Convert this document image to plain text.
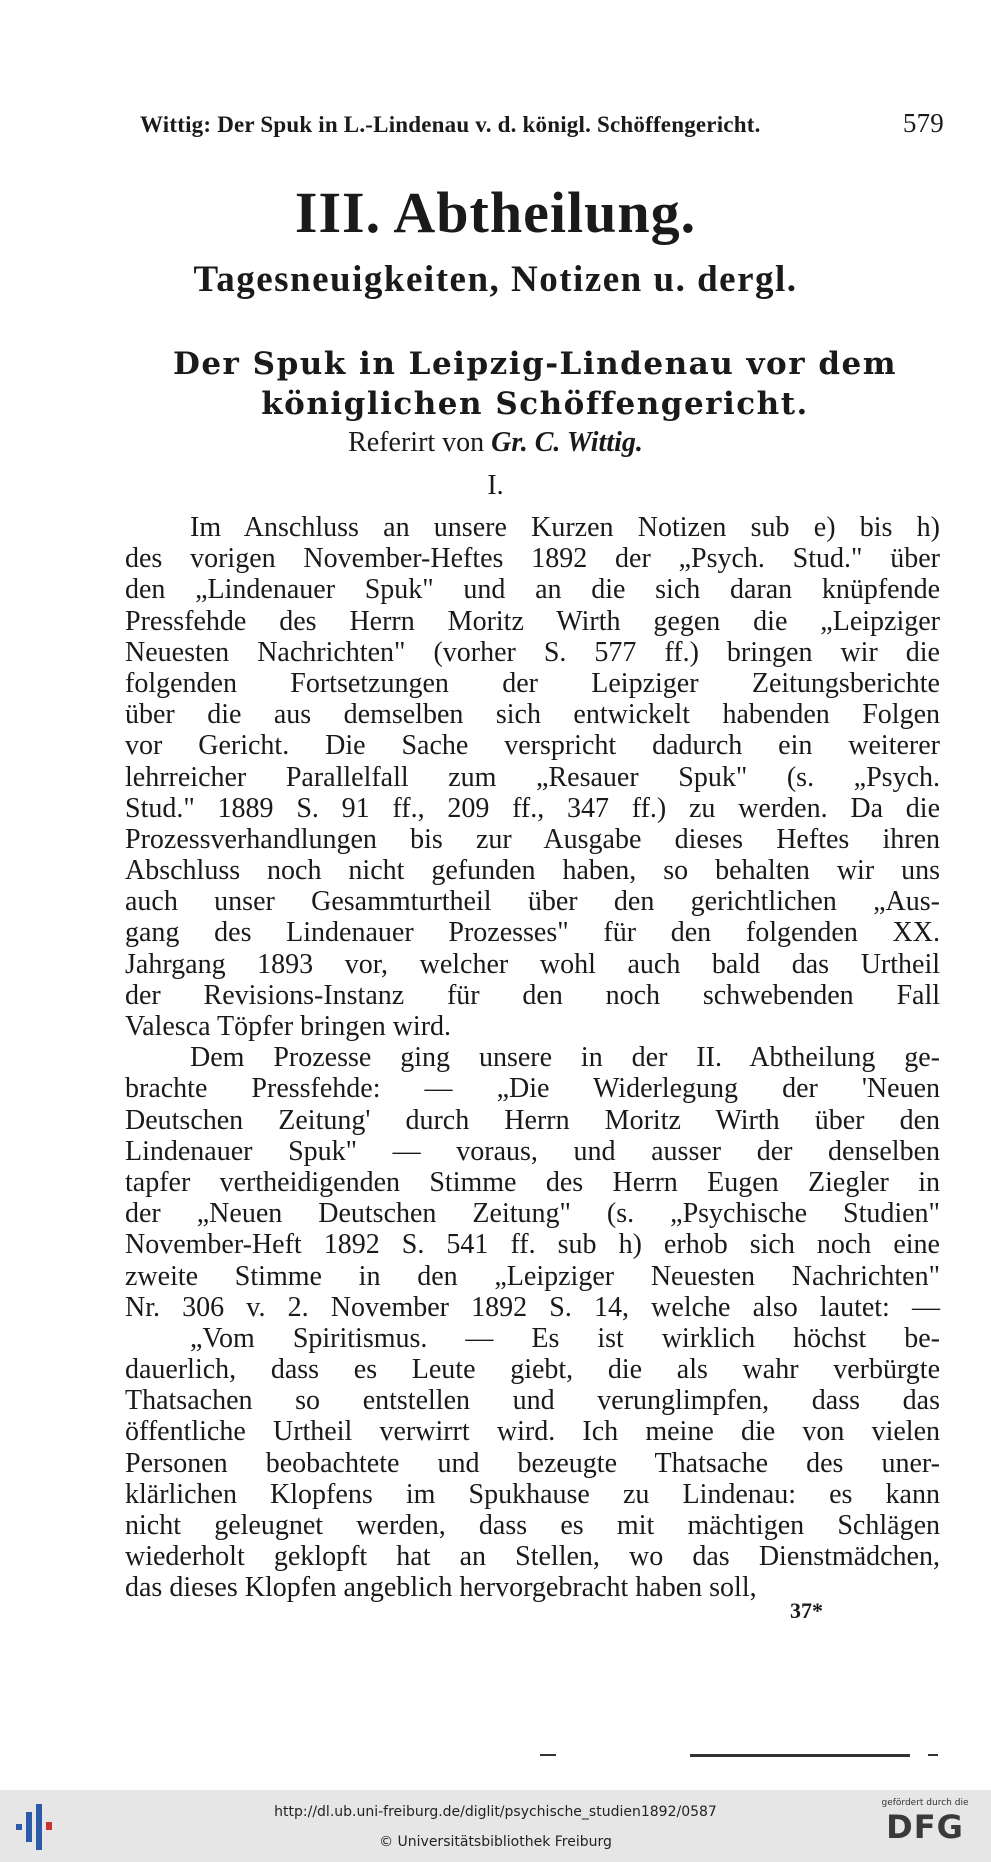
Wittig: Der Spuk in L.-Lindenau v. d. königl. Schöffengericht.	579
III. Abtheilung.
Tagesneuigkeiten, Notizen u. dergl.
Der Spuk in Leipzig-Lindenau vor dem
königlichen Schöffengericht.
Referirt von Gr. C. Wittig.
I.
Im Anschluss an unsere Kurzen Notizen sub e) bis h)
des vorigen November-Heftes 1892 der „Psych. Stud." über
den „Lindenauer Spuk" und an die sich daran knüpfende
Pressfehde des Herrn Moritz Wirth gegen die „Leipziger
Neuesten Nachrichten" (vorher S. 577 ff.) bringen wir die
folgenden Fortsetzungen der Leipziger Zeitungsberichte
über die aus demselben sich entwickelt habenden Folgen
vor Gericht. Die Sache verspricht dadurch ein weiterer
lehrreicher Parallelfall zum „Resauer Spuk" (s. „Psych.
Stud." 1889 S. 91 ff., 209 ff., 347 ff.) zu werden. Da die
Prozessverhandlungen bis zur Ausgabe dieses Heftes ihren
Abschluss noch nicht gefunden haben, so behalten wir uns
auch unser Gesammturtheil über den gerichtlichen „Aus-
gang des Lindenauer Prozesses" für den folgenden XX.
Jahrgang 1893 vor, welcher wohl auch bald das Urtheil
der Revisions-Instanz für den noch schwebenden Fall
Valesca Töpfer bringen wird.
Dem Prozesse ging unsere in der II. Abtheilung ge-
brachte Pressfehde: — „Die Widerlegung der 'Neuen
Deutschen Zeitung' durch Herrn Moritz Wirth über den
Lindenauer Spuk" — voraus, und ausser der denselben
tapfer vertheidigenden Stimme des Herrn Eugen Ziegler in
der „Neuen Deutschen Zeitung" (s. „Psychische Studien"
November-Heft 1892 S. 541 ff. sub h) erhob sich noch eine
zweite Stimme in den „Leipziger Neuesten Nachrichten"
Nr. 306 v. 2. November 1892 S. 14, welche also lautet: —
„Vom Spiritismus. — Es ist wirklich höchst be-
dauerlich, dass es Leute giebt, die als wahr verbürgte
Thatsachen so entstellen und verunglimpfen, dass das
öffentliche Urtheil verwirrt wird. Ich meine die von vielen
Personen beobachtete und bezeugte Thatsache des uner-
klärlichen Klopfens im Spukhause zu Lindenau: es kann
nicht geleugnet werden, dass es mit mächtigen Schlägen
wiederholt geklopft hat an Stellen, wo das Dienstmädchen,
das dieses Klopfen angeblich hervorgebracht haben soll,
37*
http://dl.ub.uni-freiburg.de/diglit/psychische_studien1892/0587
© Universitätsbibliothek Freiburg
gefördert durch die
DFG
